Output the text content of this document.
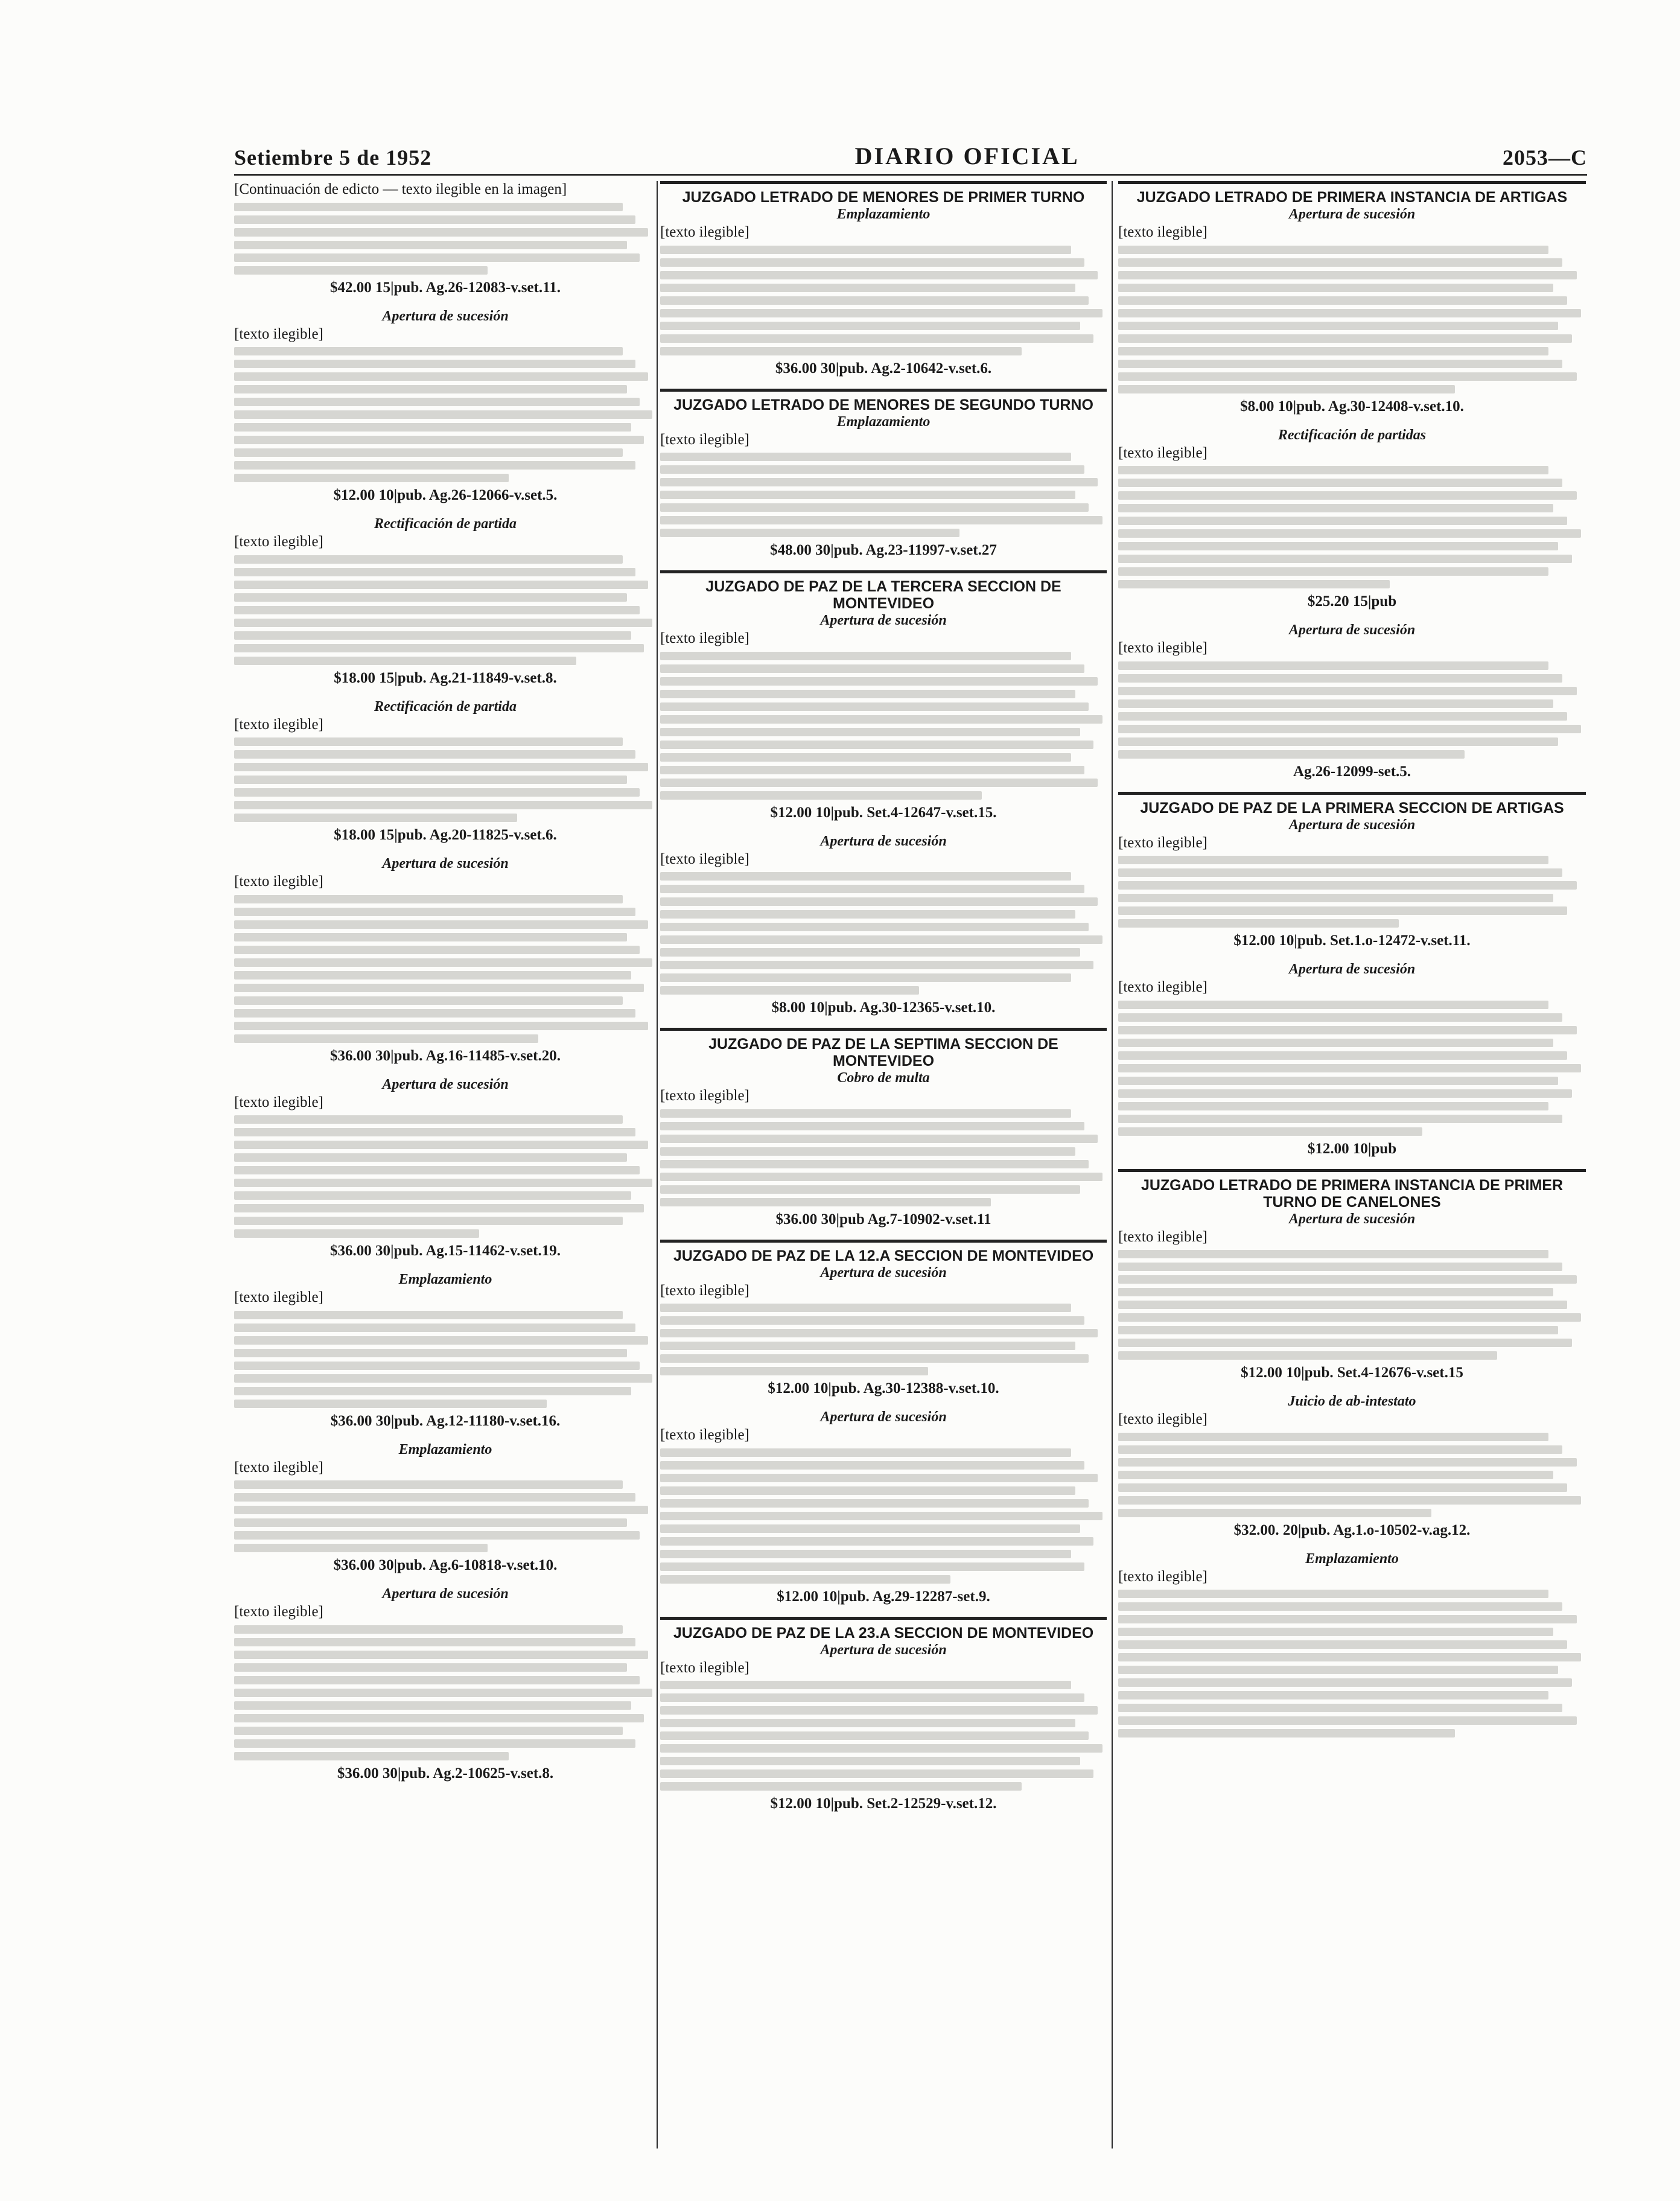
Setiembre 5 de 1952	DIARIO OFICIAL	2053—C
[Continuación de edicto — texto ilegible en la imagen]
$42.00 15|pub. Ag.26-12083-v.set.11.
Apertura de sucesión
[texto ilegible]
$12.00 10|pub. Ag.26-12066-v.set.5.
Rectificación de partida
[texto ilegible]
$18.00 15|pub. Ag.21-11849-v.set.8.
Rectificación de partida
[texto ilegible]
$18.00 15|pub. Ag.20-11825-v.set.6.
Apertura de sucesión
[texto ilegible]
$36.00 30|pub. Ag.16-11485-v.set.20.
Apertura de sucesión
[texto ilegible]
$36.00 30|pub. Ag.15-11462-v.set.19.
Emplazamiento
[texto ilegible]
$36.00 30|pub. Ag.12-11180-v.set.16.
Emplazamiento
[texto ilegible]
$36.00 30|pub. Ag.6-10818-v.set.10.
Apertura de sucesión
[texto ilegible]
$36.00 30|pub. Ag.2-10625-v.set.8.
JUZGADO LETRADO DE MENORES DE PRIMER TURNO
Emplazamiento
[texto ilegible]
$36.00 30|pub. Ag.2-10642-v.set.6.
JUZGADO LETRADO DE MENORES DE SEGUNDO TURNO
Emplazamiento
[texto ilegible]
$48.00 30|pub. Ag.23-11997-v.set.27
JUZGADO DE PAZ DE LA TERCERA SECCION DE MONTEVIDEO
Apertura de sucesión
[texto ilegible]
$12.00 10|pub. Set.4-12647-v.set.15.
Apertura de sucesión
[texto ilegible]
$8.00 10|pub. Ag.30-12365-v.set.10.
JUZGADO DE PAZ DE LA SEPTIMA SECCION DE MONTEVIDEO
Cobro de multa
[texto ilegible]
$36.00 30|pub Ag.7-10902-v.set.11
JUZGADO DE PAZ DE LA 12.A SECCION DE MONTEVIDEO
Apertura de sucesión
[texto ilegible]
$12.00 10|pub. Ag.30-12388-v.set.10.
Apertura de sucesión
[texto ilegible]
$12.00 10|pub. Ag.29-12287-set.9.
JUZGADO DE PAZ DE LA 23.A SECCION DE MONTEVIDEO
Apertura de sucesión
[texto ilegible]
$12.00 10|pub. Set.2-12529-v.set.12.
JUZGADO LETRADO DE PRIMERA INSTANCIA DE ARTIGAS
Apertura de sucesión
[texto ilegible]
$8.00 10|pub. Ag.30-12408-v.set.10.
Rectificación de partidas
[texto ilegible]
$25.20 15|pub
Apertura de sucesión
[texto ilegible]
Ag.26-12099-set.5.
JUZGADO DE PAZ DE LA PRIMERA SECCION DE ARTIGAS
Apertura de sucesión
[texto ilegible]
$12.00 10|pub. Set.1.o-12472-v.set.11.
Apertura de sucesión
[texto ilegible]
$12.00 10|pub
JUZGADO LETRADO DE PRIMERA INSTANCIA DE PRIMER TURNO DE CANELONES
Apertura de sucesión
[texto ilegible]
$12.00 10|pub. Set.4-12676-v.set.15
Juicio de ab-intestato
[texto ilegible]
$32.00. 20|pub. Ag.1.o-10502-v.ag.12.
Emplazamiento
[texto ilegible]
